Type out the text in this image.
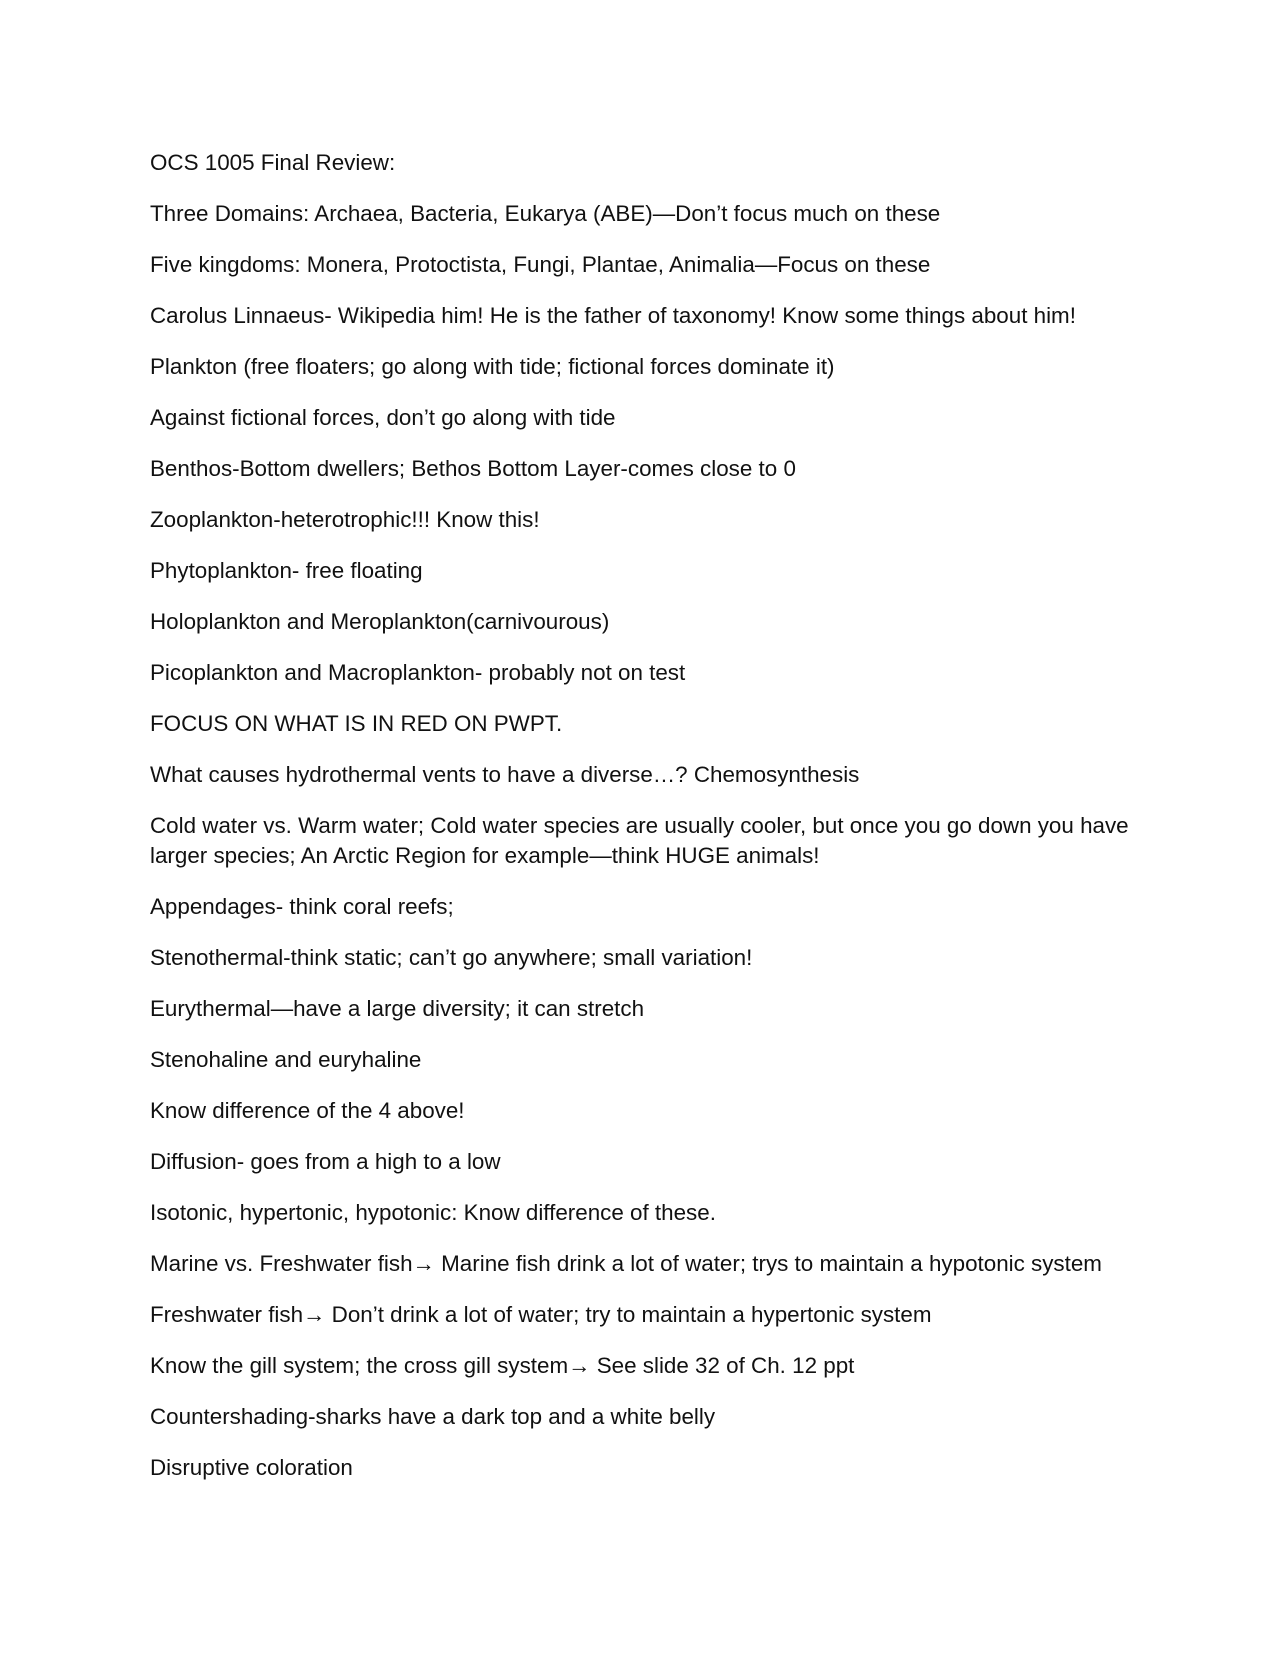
OCS 1005 Final Review:

Three Domains: Archaea, Bacteria, Eukarya (ABE)—Don’t focus much on these

Five kingdoms: Monera, Protoctista, Fungi, Plantae, Animalia—Focus on these

Carolus Linnaeus- Wikipedia him! He is the father of taxonomy! Know some things about him!

Plankton (free floaters; go along with tide; fictional forces dominate it)

Against fictional forces, don’t go along with tide

Benthos-Bottom dwellers; Bethos Bottom Layer-comes close to 0

Zooplankton-heterotrophic!!! Know this!

Phytoplankton- free floating

Holoplankton and Meroplankton(carnivourous)

Picoplankton and Macroplankton- probably not on test

FOCUS ON WHAT IS IN RED ON PWPT.

What causes hydrothermal vents to have a diverse…? Chemosynthesis

Cold water vs. Warm water; Cold water species are usually cooler, but once you go down you have larger species; An Arctic Region for example—think HUGE animals!

Appendages- think coral reefs;

Stenothermal-think static; can’t go anywhere; small variation!

Eurythermal—have a large diversity; it can stretch

Stenohaline and euryhaline

Know difference of the 4 above!

Diffusion- goes from a high to a low

Isotonic, hypertonic, hypotonic: Know difference of these.

Marine vs. Freshwater fish→ Marine fish drink a lot of water; trys to maintain a hypotonic system

Freshwater fish→ Don’t drink a lot of water; try to maintain a hypertonic system

Know the gill system; the cross gill system→ See slide 32 of Ch. 12 ppt

Countershading-sharks have a dark top and a white belly

Disruptive coloration
